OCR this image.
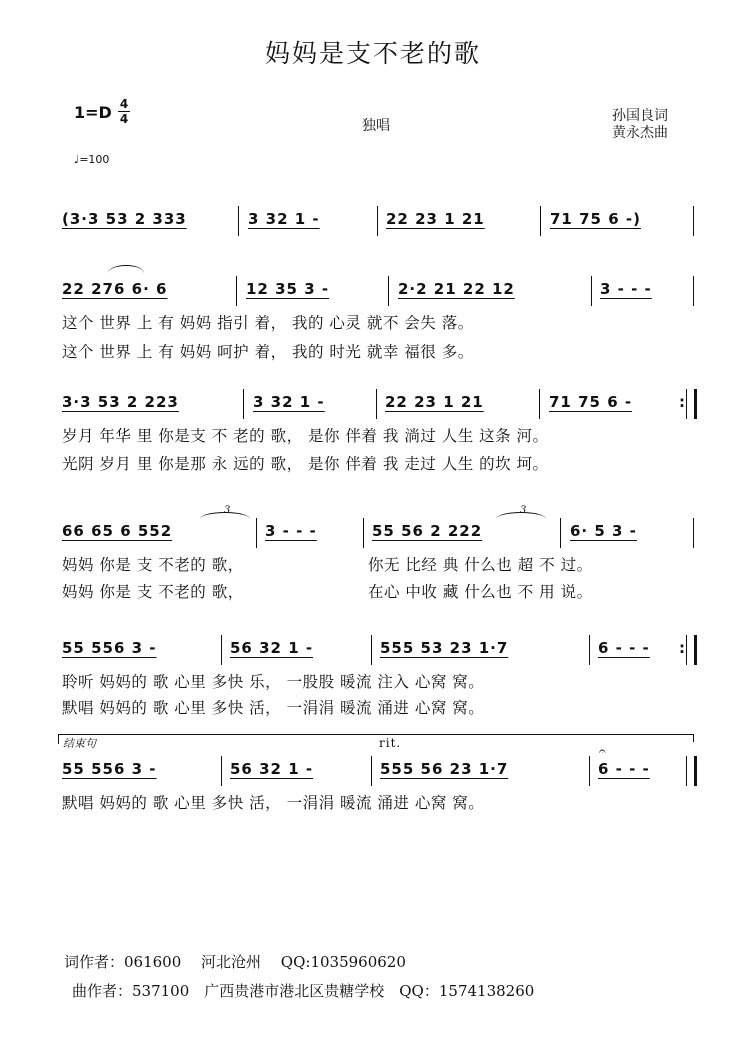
妈妈是支不老的歌
1=D 4
4	独唱
孙国良词
黄永杰曲
♩=100
(3·3 53 2 333	3 32 1 -	22 23 1 21	71 75 6 -)
22 276 6· 6	12 35 3 -	2·2 21 22 12	3 - - -
这个 世界 上 有 妈妈 指引 着， 我的 心灵 就不 会失 落。
这个 世界 上 有 妈妈 呵护 着， 我的 时光 就幸 福很 多。
3·3 53 2 223	3 32 1 -	22 23 1 21	71 75 6 -	:
岁月 年华 里 你是支 不 老的 歌， 是你 伴着 我 淌过 人生 这条 河。
光阴 岁月 里 你是那 永 远的 歌， 是你 伴着 我 走过 人生 的坎 坷。
3	3
66 65 6 552	3 - - -	55 56 2 222	6· 5 3 -
妈妈 你是 支 不老的 歌，	你无 比经 典 什么也 超 不 过。
妈妈 你是 支 不老的 歌，	在心 中收 藏 什么也 不 用 说。
55 556 3 -	56 32 1 -	555 53 23 1·7	6 - - - :
聆听 妈妈的 歌 心里 多快 乐， 一股股 暖流 注入 心窝 窝。
默唱 妈妈的 歌 心里 多快 活， 一涓涓 暖流 涌进 心窝 窝。
结束句	rit.
𝄐
55 556 3 -	56 32 1 -	555 56 23 1·7	6 - - -
默唱 妈妈的 歌 心里 多快 活， 一涓涓 暖流 涌进 心窝 窝。
词作者：061600　 河北沧州　 QQ:1035960620
曲作者：537100　广西贵港市港北区贵糖学校　QQ：1574138260
